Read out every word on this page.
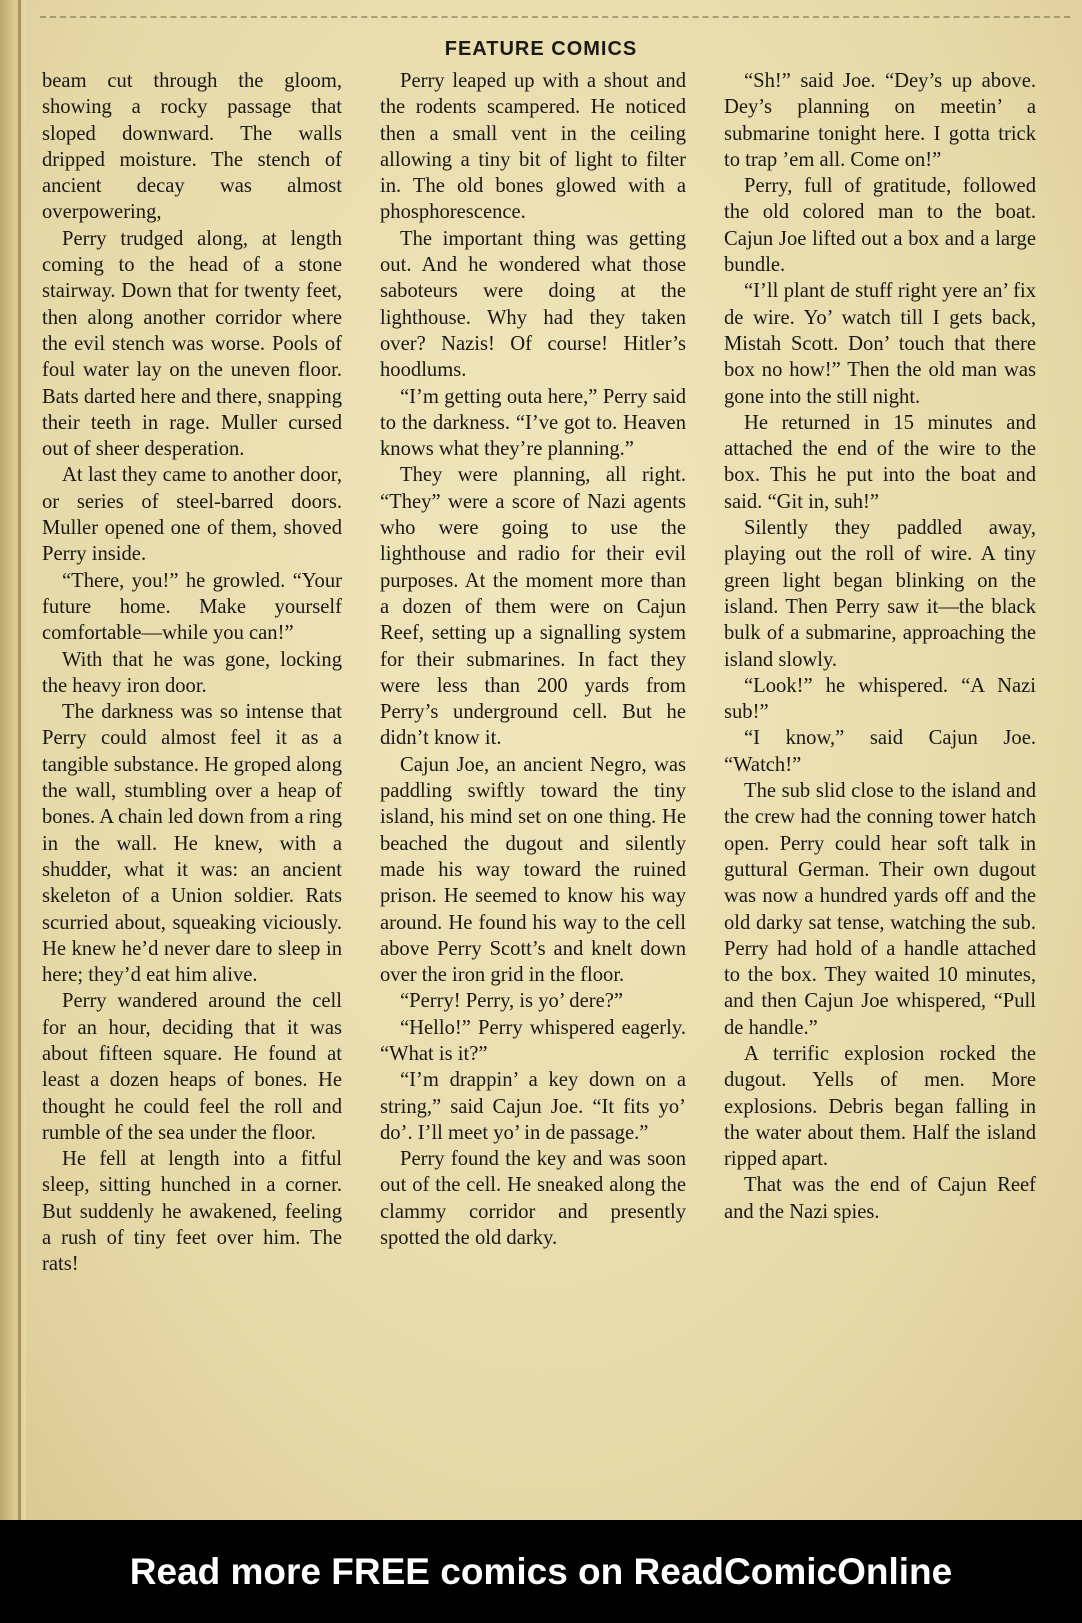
FEATURE COMICS

beam cut through the gloom, showing a rocky passage that sloped downward. The walls dripped moisture. The stench of ancient decay was almost overpowering,

Perry trudged along, at length coming to the head of a stone stairway. Down that for twenty feet, then along another corridor where the evil stench was worse. Pools of foul water lay on the uneven floor. Bats darted here and there, snapping their teeth in rage. Muller cursed out of sheer desperation.

At last they came to another door, or series of steel-barred doors. Muller opened one of them, shoved Perry inside.

“There, you!” he growled. “Your future home. Make yourself comfortable—while you can!”

With that he was gone, locking the heavy iron door.

The darkness was so intense that Perry could almost feel it as a tangible substance. He groped along the wall, stumbling over a heap of bones. A chain led down from a ring in the wall. He knew, with a shudder, what it was: an ancient skeleton of a Union soldier. Rats scurried about, squeaking viciously. He knew he’d never dare to sleep in here; they’d eat him alive.

Perry wandered around the cell for an hour, deciding that it was about fifteen square. He found at least a dozen heaps of bones. He thought he could feel the roll and rumble of the sea under the floor.

He fell at length into a fitful sleep, sitting hunched in a corner. But suddenly he awakened, feeling a rush of tiny feet over him. The rats!

Perry leaped up with a shout and the rodents scampered. He noticed then a small vent in the ceiling allowing a tiny bit of light to filter in. The old bones glowed with a phosphorescence.

The important thing was getting out. And he wondered what those saboteurs were doing at the lighthouse. Why had they taken over? Nazis! Of course! Hitler’s hoodlums.

“I’m getting outa here,” Perry said to the darkness. “I’ve got to. Heaven knows what they’re planning.”

They were planning, all right. “They” were a score of Nazi agents who were going to use the lighthouse and radio for their evil purposes. At the moment more than a dozen of them were on Cajun Reef, setting up a signalling system for their submarines. In fact they were less than 200 yards from Perry’s underground cell. But he didn’t know it.

Cajun Joe, an ancient Negro, was paddling swiftly toward the tiny island, his mind set on one thing. He beached the dugout and silently made his way toward the ruined prison. He seemed to know his way around. He found his way to the cell above Perry Scott’s and knelt down over the iron grid in the floor.

“Perry! Perry, is yo’ dere?”

“Hello!” Perry whispered eagerly. “What is it?”

“I’m drappin’ a key down on a string,” said Cajun Joe. “It fits yo’ do’. I’ll meet yo’ in de passage.”

Perry found the key and was soon out of the cell. He sneaked along the clammy corridor and presently spotted the old darky.

“Sh!” said Joe. “Dey’s up above. Dey’s planning on meetin’ a submarine tonight here. I gotta trick to trap ’em all. Come on!”

Perry, full of gratitude, followed the old colored man to the boat. Cajun Joe lifted out a box and a large bundle.

“I’ll plant de stuff right yere an’ fix de wire. Yo’ watch till I gets back, Mistah Scott. Don’ touch that there box no how!” Then the old man was gone into the still night.

He returned in 15 minutes and attached the end of the wire to the box. This he put into the boat and said. “Git in, suh!”

Silently they paddled away, playing out the roll of wire. A tiny green light began blinking on the island. Then Perry saw it—the black bulk of a submarine, approaching the island slowly.

“Look!” he whispered. “A Nazi sub!”

“I know,” said Cajun Joe. “Watch!”

The sub slid close to the island and the crew had the conning tower hatch open. Perry could hear soft talk in guttural German. Their own dugout was now a hundred yards off and the old darky sat tense, watching the sub. Perry had hold of a handle attached to the box. They waited 10 minutes, and then Cajun Joe whispered, “Pull de handle.”

A terrific explosion rocked the dugout. Yells of men. More explosions. Debris began falling in the water about them. Half the island ripped apart.

That was the end of Cajun Reef and the Nazi spies.

Read more FREE comics on ReadComicOnline
